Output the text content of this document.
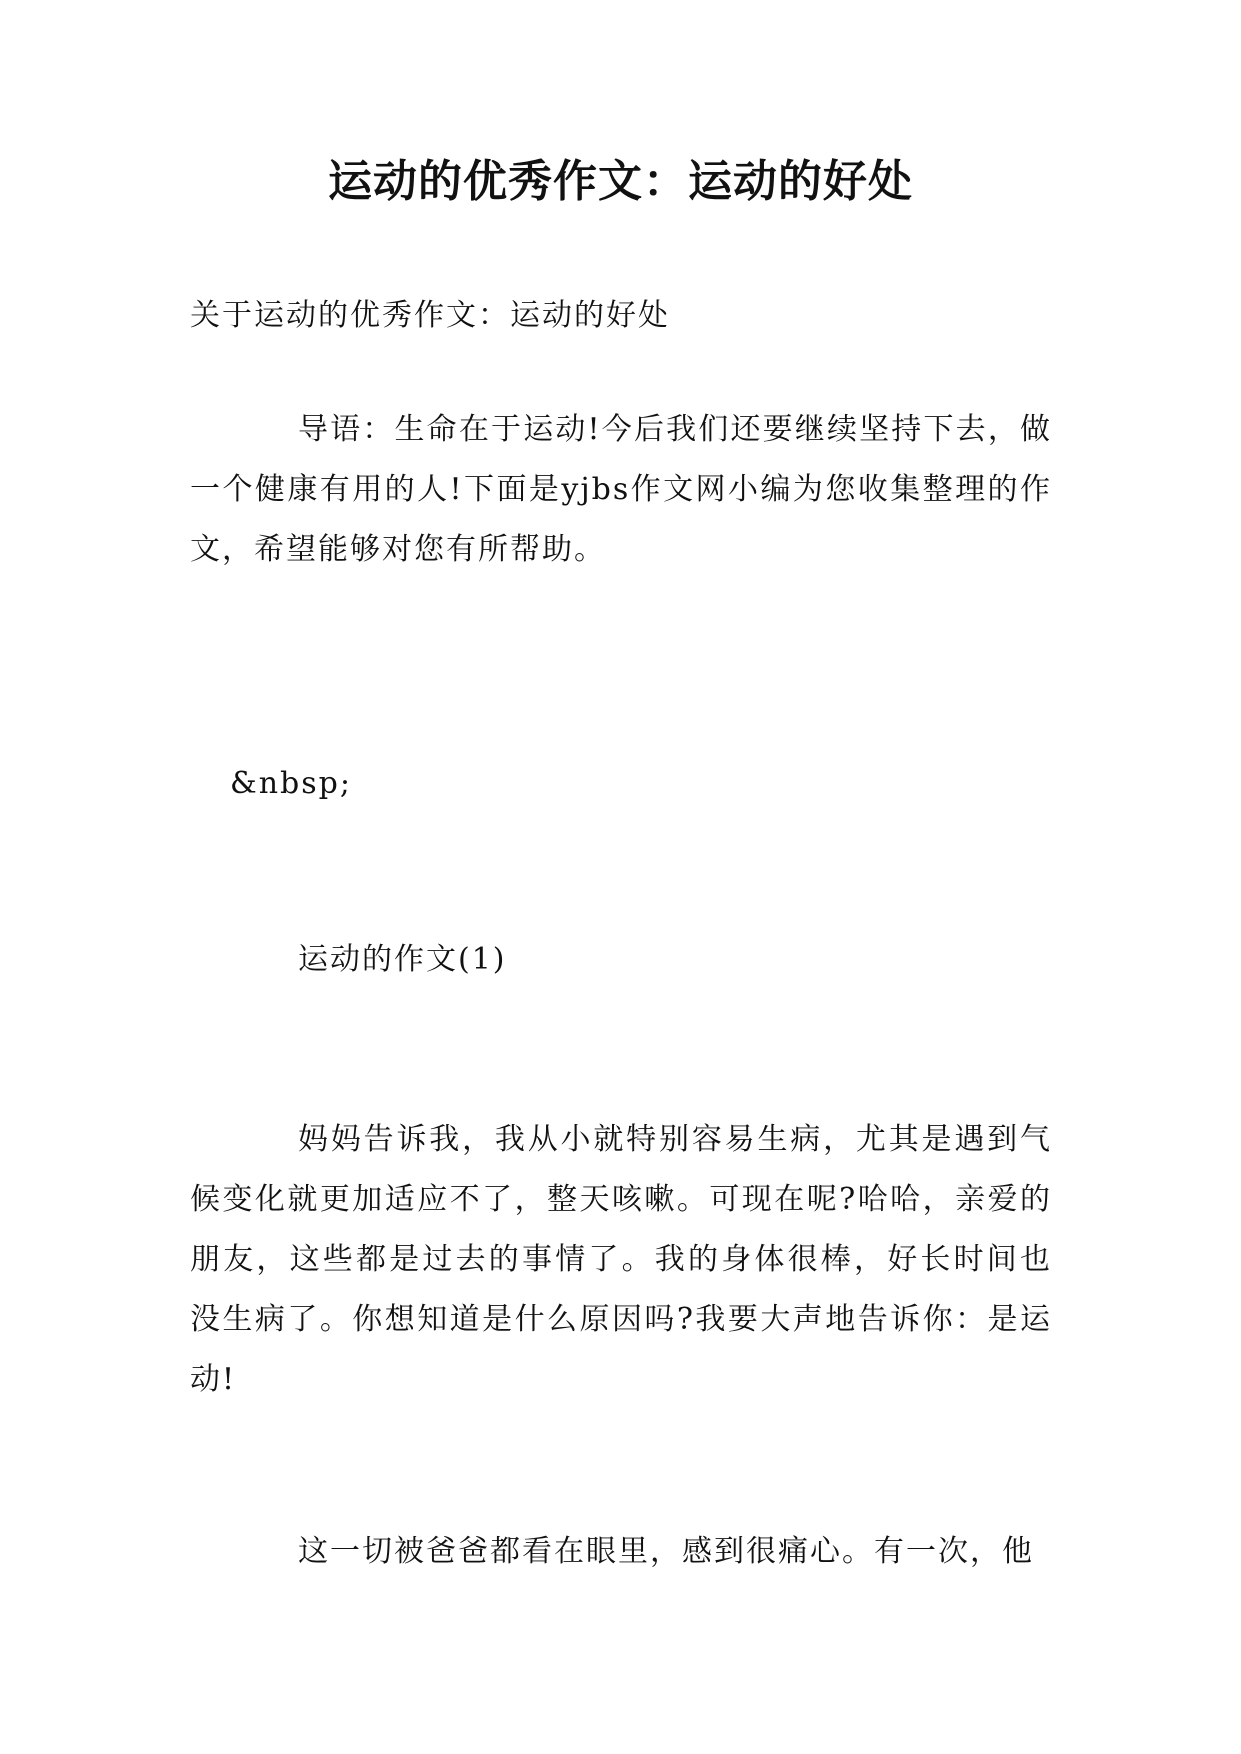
运动的优秀作文：运动的好处

关于运动的优秀作文：运动的好处

导语：生命在于运动!今后我们还要继续坚持下去，做一个健康有用的人!下面是yjbs作文网小编为您收集整理的作文，希望能够对您有所帮助。

&nbsp;

运动的作文(1)

妈妈告诉我，我从小就特别容易生病，尤其是遇到气候变化就更加适应不了，整天咳嗽。可现在呢?哈哈，亲爱的朋友，这些都是过去的事情了。我的身体很棒，好长时间也没生病了。你想知道是什么原因吗?我要大声地告诉你：是运动!

这一切被爸爸都看在眼里，感到很痛心。有一次，他
